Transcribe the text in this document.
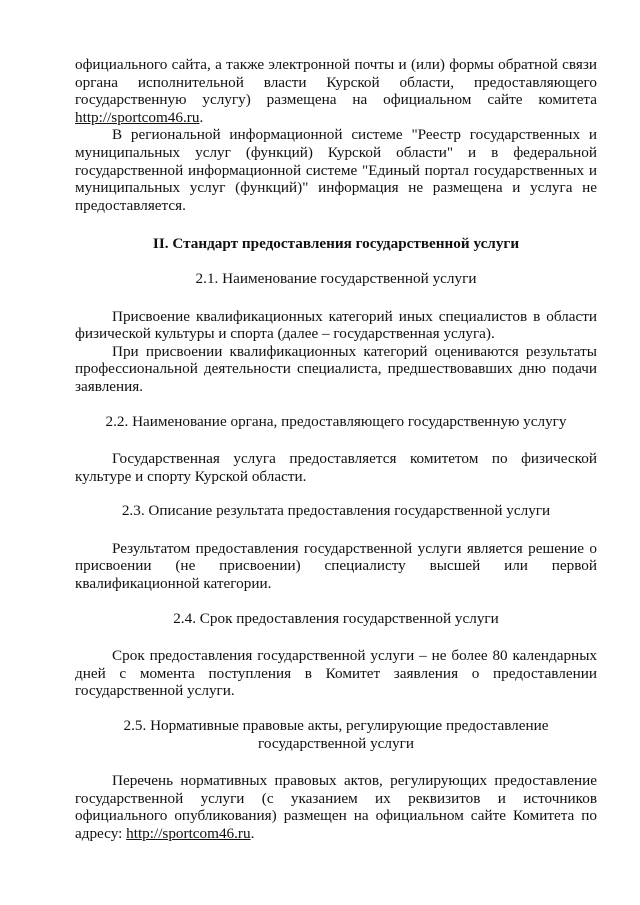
официального сайта, а также электронной почты и (или) формы обратной связи органа исполнительной власти Курской области, предоставляющего государственную услугу) размещена на официальном сайте комитета http://sportcom46.ru.

В региональной информационной системе "Реестр государственных и муниципальных услуг (функций) Курской области" и в федеральной государственной информационной системе "Единый портал государственных и муниципальных услуг (функций)" информация не размещена и услуга не предоставляется.

II. Стандарт предоставления государственной услуги

2.1. Наименование государственной услуги

Присвоение квалификационных категорий иных специалистов в области физической культуры и спорта (далее – государственная услуга).

При присвоении квалификационных категорий оцениваются результаты профессиональной деятельности специалиста, предшествовавших дню подачи заявления.

2.2. Наименование органа, предоставляющего государственную услугу

Государственная услуга предоставляется комитетом по физической культуре и спорту Курской области.

2.3. Описание результата предоставления государственной услуги

Результатом предоставления государственной услуги является решение о присвоении (не присвоении) специалисту высшей или первой квалификационной категории.

2.4. Срок предоставления государственной услуги

Срок предоставления государственной услуги – не более 80 календарных дней с момента поступления в Комитет заявления о предоставлении государственной услуги.

2.5. Нормативные правовые акты, регулирующие предоставление
государственной услуги

Перечень нормативных правовых актов, регулирующих предоставление государственной услуги (с указанием их реквизитов и источников официального опубликования) размещен на официальном сайте Комитета по адресу: http://sportcom46.ru.
